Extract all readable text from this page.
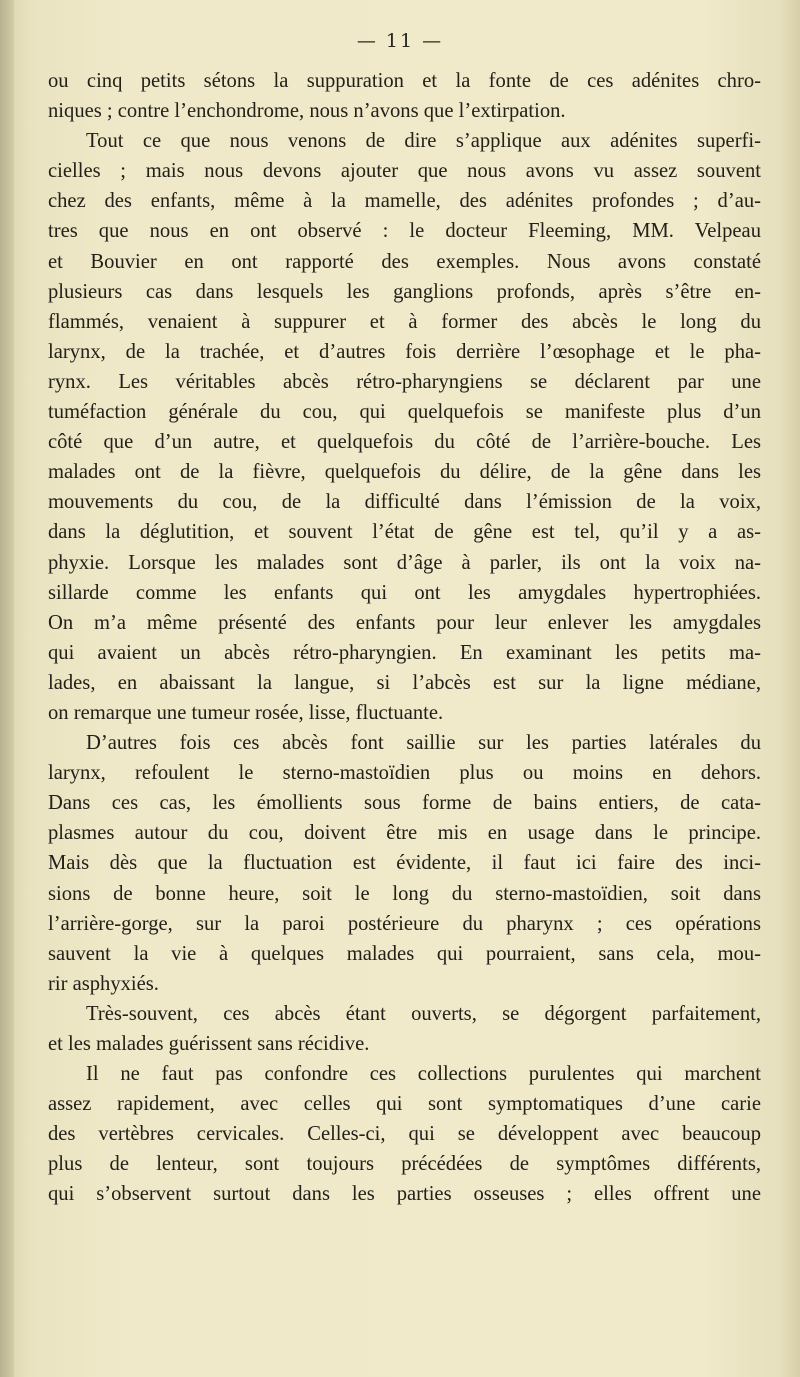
— 11 —
ou cinq petits sétons la suppuration et la fonte de ces adénites chro-
niques ; contre l’enchondrome, nous n’avons que l’extirpation.
Tout ce que nous venons de dire s’applique aux adénites superfi-
cielles ; mais nous devons ajouter que nous avons vu assez souvent
chez des enfants, même à la mamelle, des adénites profondes ; d’au-
tres que nous en ont observé : le docteur Fleeming, MM. Velpeau
et Bouvier en ont rapporté des exemples. Nous avons constaté
plusieurs cas dans lesquels les ganglions profonds, après s’être en-
flammés, venaient à suppurer et à former des abcès le long du
larynx, de la trachée, et d’autres fois derrière l’œsophage et le pha-
rynx. Les véritables abcès rétro-pharyngiens se déclarent par une
tuméfaction générale du cou, qui quelquefois se manifeste plus d’un
côté que d’un autre, et quelquefois du côté de l’arrière-bouche. Les
malades ont de la fièvre, quelquefois du délire, de la gêne dans les
mouvements du cou, de la difficulté dans l’émission de la voix,
dans la déglutition, et souvent l’état de gêne est tel, qu’il y a as-
phyxie. Lorsque les malades sont d’âge à parler, ils ont la voix na-
sillarde comme les enfants qui ont les amygdales hypertrophiées.
On m’a même présenté des enfants pour leur enlever les amygdales
qui avaient un abcès rétro-pharyngien. En examinant les petits ma-
lades, en abaissant la langue, si l’abcès est sur la ligne médiane,
on remarque une tumeur rosée, lisse, fluctuante.
D’autres fois ces abcès font saillie sur les parties latérales du
larynx, refoulent le sterno-mastoïdien plus ou moins en dehors.
Dans ces cas, les émollients sous forme de bains entiers, de cata-
plasmes autour du cou, doivent être mis en usage dans le principe.
Mais dès que la fluctuation est évidente, il faut ici faire des inci-
sions de bonne heure, soit le long du sterno-mastoïdien, soit dans
l’arrière-gorge, sur la paroi postérieure du pharynx ; ces opérations
sauvent la vie à quelques malades qui pourraient, sans cela, mou-
rir asphyxiés.
Très-souvent, ces abcès étant ouverts, se dégorgent parfaitement,
et les malades guérissent sans récidive.
Il ne faut pas confondre ces collections purulentes qui marchent
assez rapidement, avec celles qui sont symptomatiques d’une carie
des vertèbres cervicales. Celles-ci, qui se développent avec beaucoup
plus de lenteur, sont toujours précédées de symptômes différents,
qui s’observent surtout dans les parties osseuses ; elles offrent une
